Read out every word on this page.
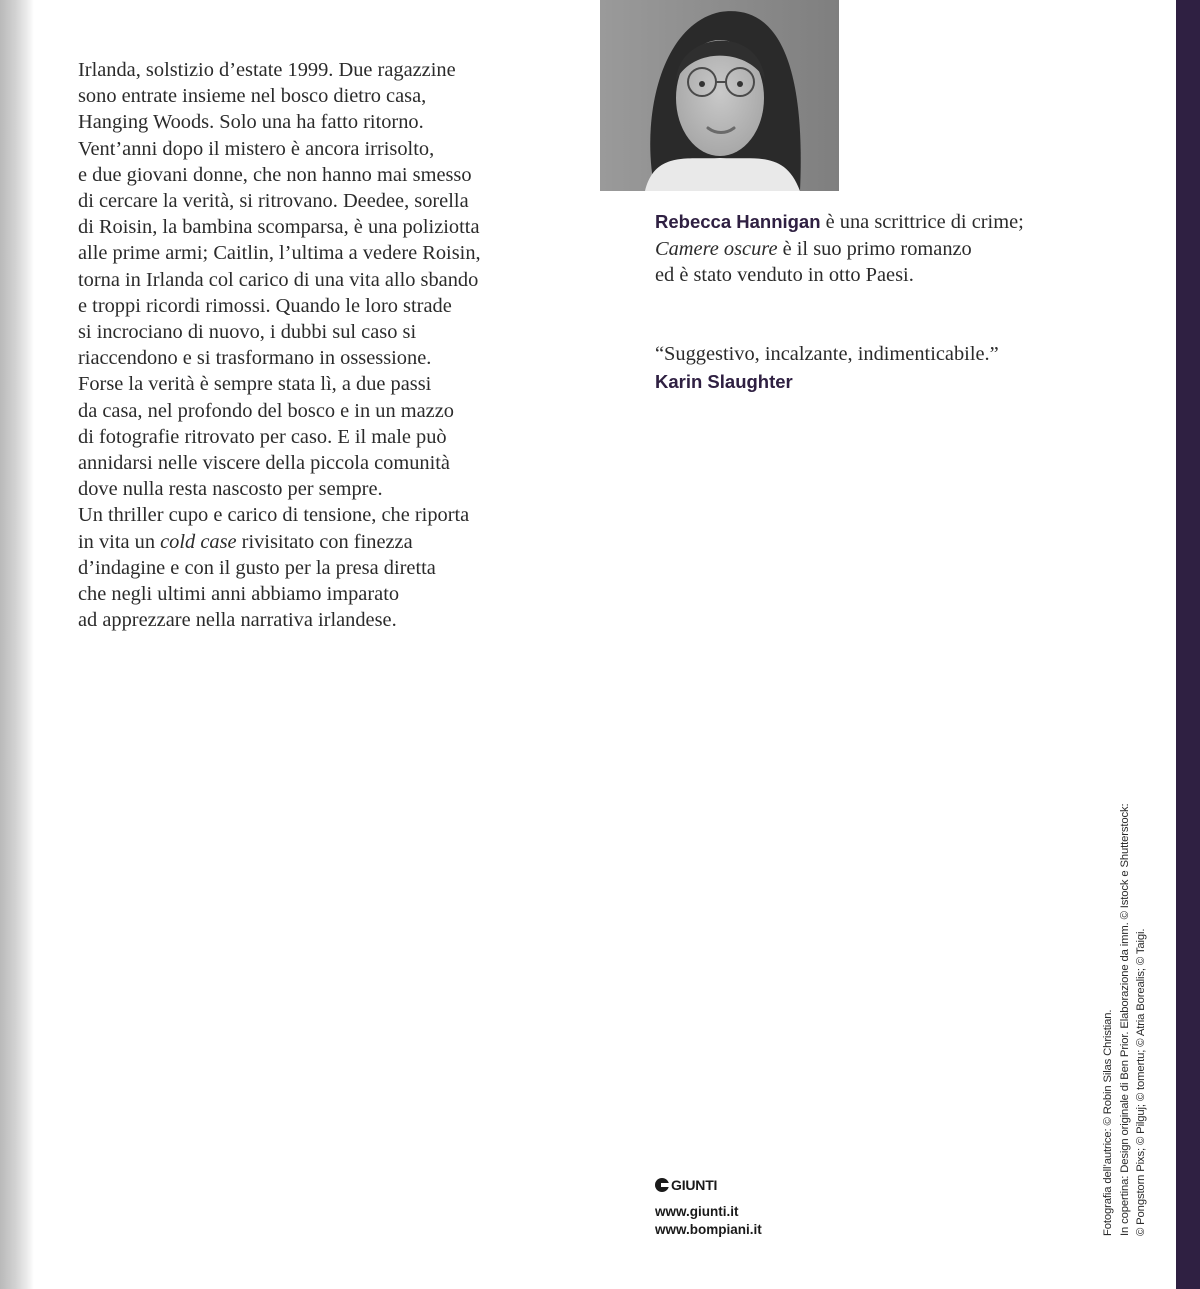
Irlanda, solstizio d’estate 1999. Due ragazzine
sono entrate insieme nel bosco dietro casa,
Hanging Woods. Solo una ha fatto ritorno.
Vent’anni dopo il mistero è ancora irrisolto,
e due giovani donne, che non hanno mai smesso
di cercare la verità, si ritrovano. Deedee, sorella
di Roisin, la bambina scomparsa, è una poliziotta
alle prime armi; Caitlin, l’ultima a vedere Roisin,
torna in Irlanda col carico di una vita allo sbando
e troppi ricordi rimossi. Quando le loro strade
si incrociano di nuovo, i dubbi sul caso si
riaccendono e si trasformano in ossessione.
Forse la verità è sempre stata lì, a due passi
da casa, nel profondo del bosco e in un mazzo
di fotografie ritrovato per caso. E il male può
annidarsi nelle viscere della piccola comunità
dove nulla resta nascosto per sempre.
Un thriller cupo e carico di tensione, che riporta
in vita un cold case rivisitato con finezza
d’indagine e con il gusto per la presa diretta
che negli ultimi anni abbiamo imparato
ad apprezzare nella narrativa irlandese.
Rebecca Hannigan è una scrittrice di crime;
Camere oscure è il suo primo romanzo
ed è stato venduto in otto Paesi.
“Suggestivo, incalzante, indimenticabile.”
Karin Slaughter
GIUNTI
www.giunti.it
www.bompiani.it	Fotografia dell’autrice: © Robin Silas Christian. In copertina: Design originale di Ben Prior. Elaborazione da imm. © Istock e Shutterstock: © Pongstorn Pixs; © Pilguj; © tomertu; © Atria Borealis; © Taigi.
